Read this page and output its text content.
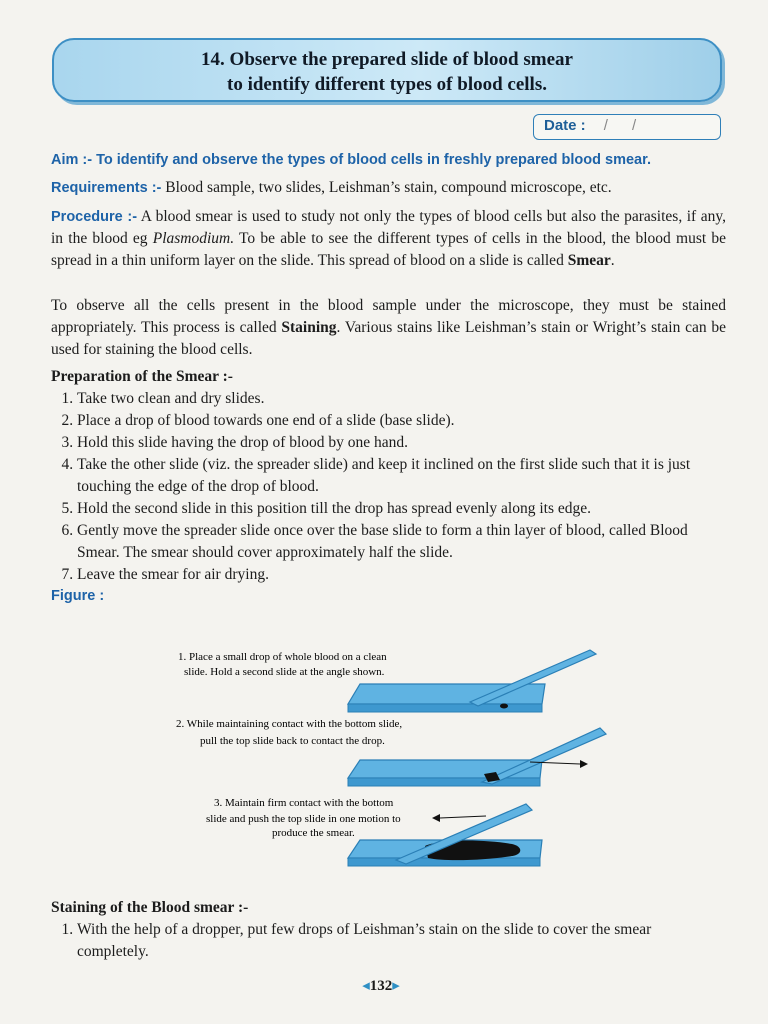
14. Observe the prepared slide of blood smear
to identify different types of blood cells.
Date : / /
Aim :- To identify and observe the types of blood cells in freshly prepared blood smear.
Requirements :- Blood sample, two slides, Leishman’s stain, compound microscope, etc.
Procedure :- A blood smear is used to study not only the types of blood cells but also the parasites, if any, in the blood eg Plasmodium. To be able to see the different types of cells in the blood, the blood must be spread in a thin uniform layer on the slide. This spread of blood on a slide is called Smear.
To observe all the cells present in the blood sample under the microscope, they must be stained appropriately. This process is called Staining. Various stains like Leishman’s stain or Wright’s stain can be used for staining the blood cells.
Preparation of the Smear :-
1. Take two clean and dry slides.
2. Place a drop of blood towards one end of a slide (base slide).
3. Hold this slide having the drop of blood by one hand.
4. Take the other slide (viz. the spreader slide) and keep it inclined on the first slide such that it is just touching the edge of the drop of blood.
5. Hold the second slide in this position till the drop has spread evenly along its edge.
6. Gently move the spreader slide once over the base slide to form a thin layer of blood, called Blood Smear. The smear should cover approximately half the slide.
7. Leave the smear for air drying.
Figure :
1. Place a small drop of whole blood on a clean
slide. Hold a second slide at the angle shown.
2. While maintaining contact with the bottom slide,
pull the top slide back to contact the drop.
3. Maintain firm contact with the bottom
slide and push the top slide in one motion to
produce the smear.
Staining of the Blood smear :-
1. With the help of a dropper, put few drops of Leishman’s stain on the slide to cover the smear completely.
◂132▸
